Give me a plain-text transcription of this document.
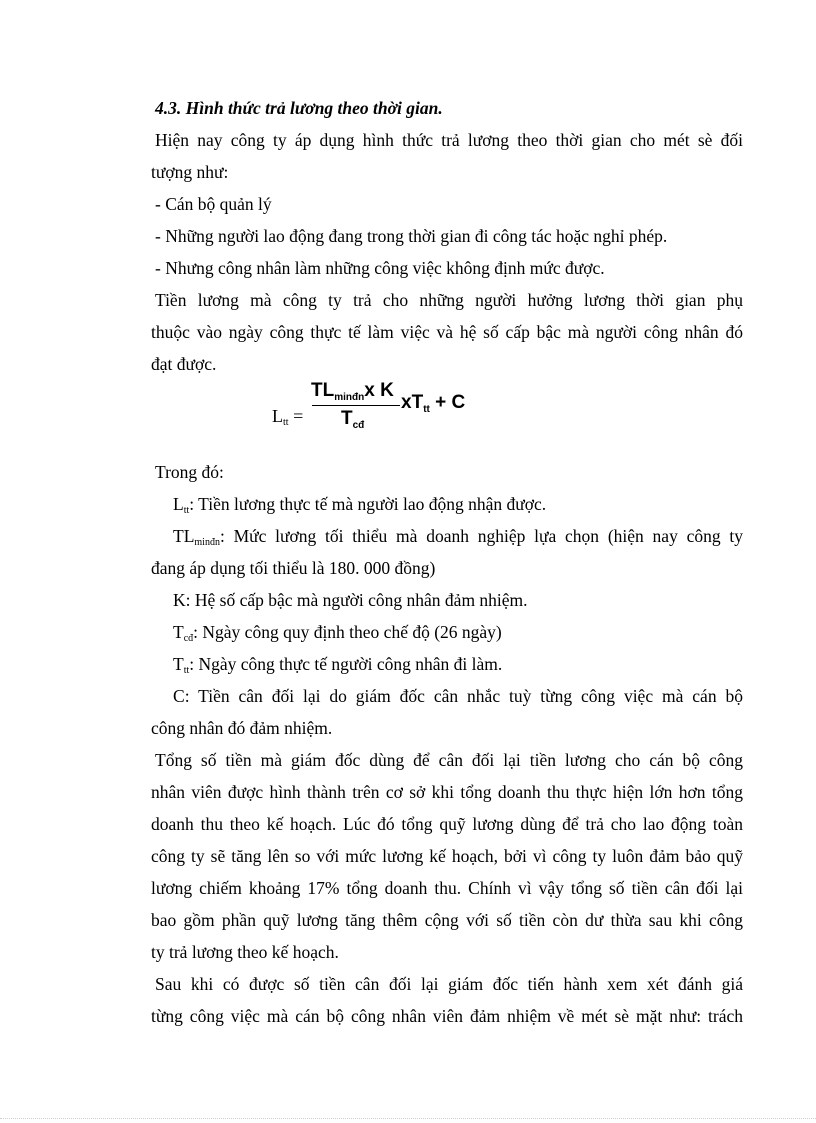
4.3. Hình thức trả lương theo thời gian.
Hiện nay công ty áp dụng hình thức trả lương theo thời gian cho mét sè đối
tượng như:
- Cán bộ quản lý
- Những người lao động đang trong thời gian đi công tác hoặc nghỉ phép.
- Nhưng công nhân làm những công việc không định mức được.
Tiền lương mà công ty trả cho những người hưởng lương thời gian phụ
thuộc vào ngày công thực tế làm việc và hệ số cấp bậc mà người công nhân đó
đạt được.
$L_{tt}$ =
$TL_{minđn}x$ K
$T_{cđ}$
$xT_{tt} + C$
Trong đó:
$L_{tt}$: Tiền lương thực tế mà người lao động nhận được.
$TL_{minđn}$: Mức lương tối thiểu mà doanh nghiệp lựa chọn (hiện nay công ty
đang áp dụng tối thiểu là 180. 000 đồng)
K: Hệ số cấp bậc mà người công nhân đảm nhiệm.
$T_{cđ}$: Ngày công quy định theo chế độ (26 ngày)
$T_{tt}$: Ngày công thực tế người công nhân đi làm.
C: Tiền cân đối lại do giám đốc cân nhắc tuỳ từng công việc mà cán bộ
công nhân đó đảm nhiệm.
Tổng số tiền mà giám đốc dùng để cân đối lại tiền lương cho cán bộ công
nhân viên được hình thành trên cơ sở khi tổng doanh thu thực hiện lớn hơn tổng
doanh thu theo kế hoạch. Lúc đó tổng quỹ lương dùng để trả cho lao động toàn
công ty sẽ tăng lên so với mức lương kế hoạch, bởi vì công ty luôn đảm bảo quỹ
lương chiếm khoảng 17% tổng doanh thu. Chính vì vậy tổng số tiền cân đối lại
bao gồm phần quỹ lương tăng thêm cộng với số tiền còn dư thừa sau khi công
ty trả lương theo kế hoạch.
Sau khi có được số tiền cân đối lại giám đốc tiến hành xem xét đánh giá
từng công việc mà cán bộ công nhân viên đảm nhiệm về mét sè mặt như: trách
